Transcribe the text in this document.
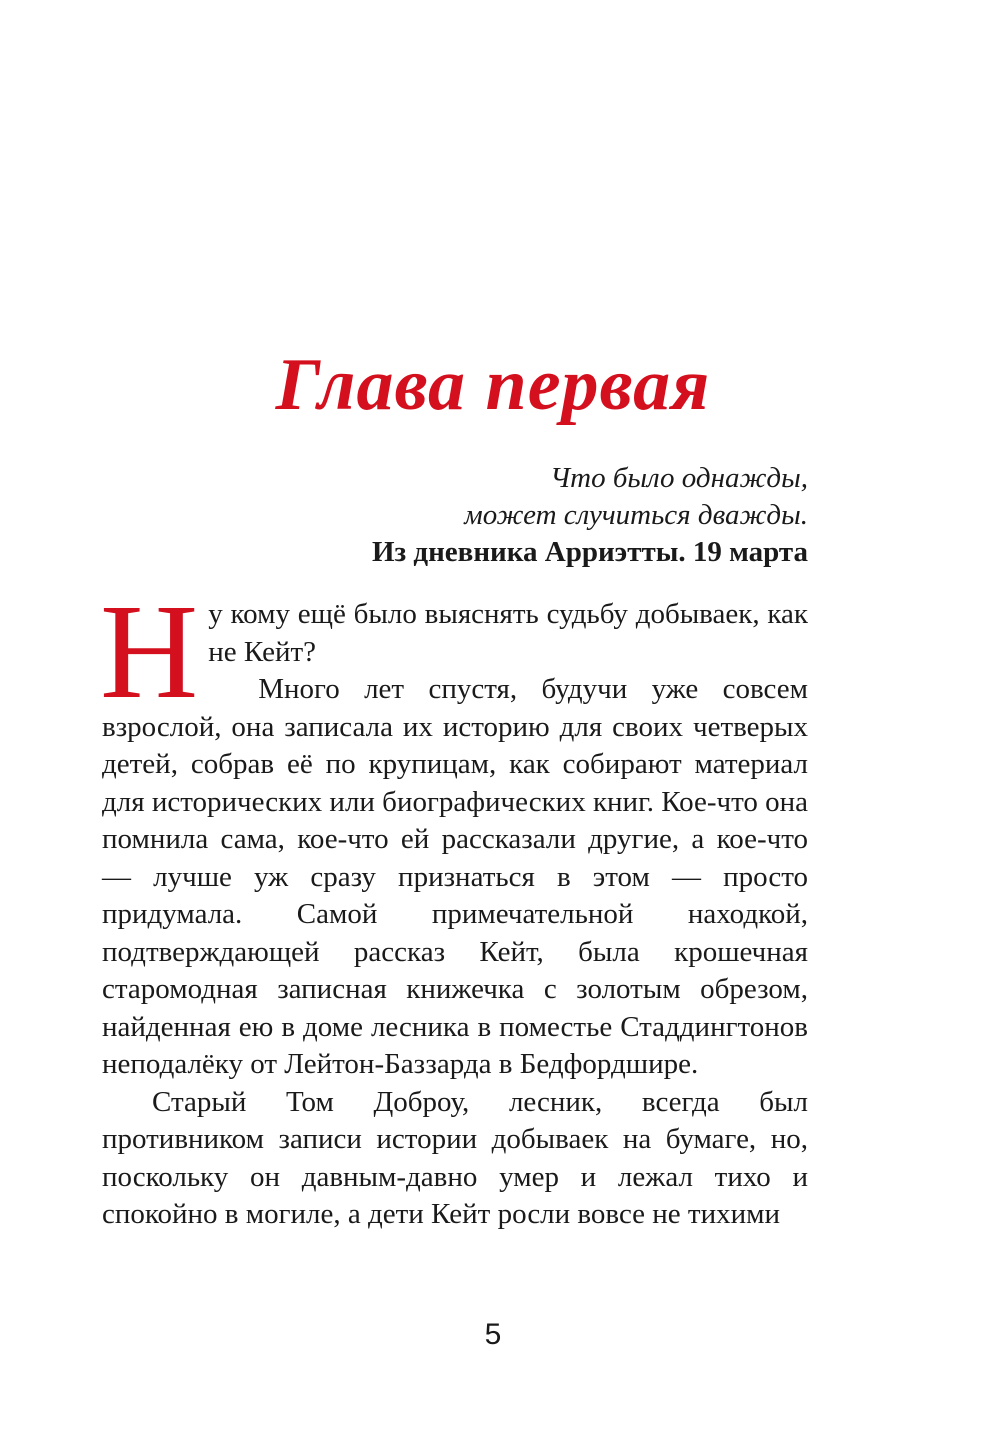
Глава первая
Что было однажды,
может случиться дважды.
Из дневника Арриэтты. 19 марта

Ну кому ещё было выяснять судьбу добываек, как не Кейт?

Много лет спустя, будучи уже совсем взрослой, она записала их историю для своих четверых детей, собрав её по крупицам, как собирают материал для исторических или биографических книг. Кое-что она помнила сама, кое-что ей рассказали другие, а кое-что — лучше уж сразу признаться в этом — просто придумала. Самой примечательной находкой, подтверждающей рассказ Кейт, была крошечная старомодная записная книжечка с золотым обрезом, найденная ею в доме лесника в поместье Стаддингтонов неподалёку от Лейтон-Баззарда в Бедфордшире.

Старый Том Доброу, лесник, всегда был противником записи истории добываек на бумаге, но, поскольку он давным-давно умер и лежал тихо и спокойно в могиле, а дети Кейт росли вовсе не тихими

5
